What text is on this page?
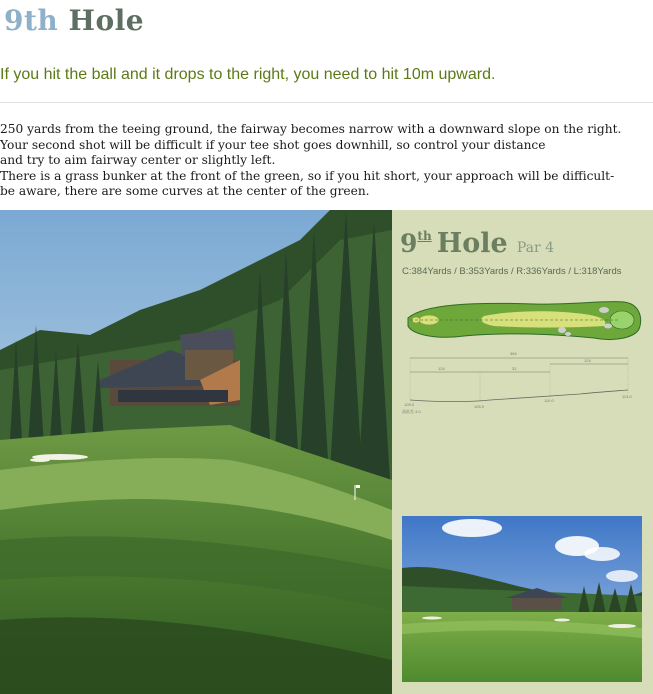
9th Hole

If you hit the ball and it drops to the right, you need to hit 10m upward.

250 yards from the teeing ground, the fairway becomes narrow with a downward slope on the right.

Your second shot will be difficult if your tee shot goes downhill, so control your distance

and try to aim fairway center or slightly left.

There is a grass bunker at the front of the green, so if you hit short, your approach will be difficult-

be aware, there are some curves at the center of the green.

9th Hole Par 4
C:384Yards / B:353Yards / R:336Yards / L:318Yards
384
124	32
124
109.0	105.0
110.0
113.0
高低差 4.0
